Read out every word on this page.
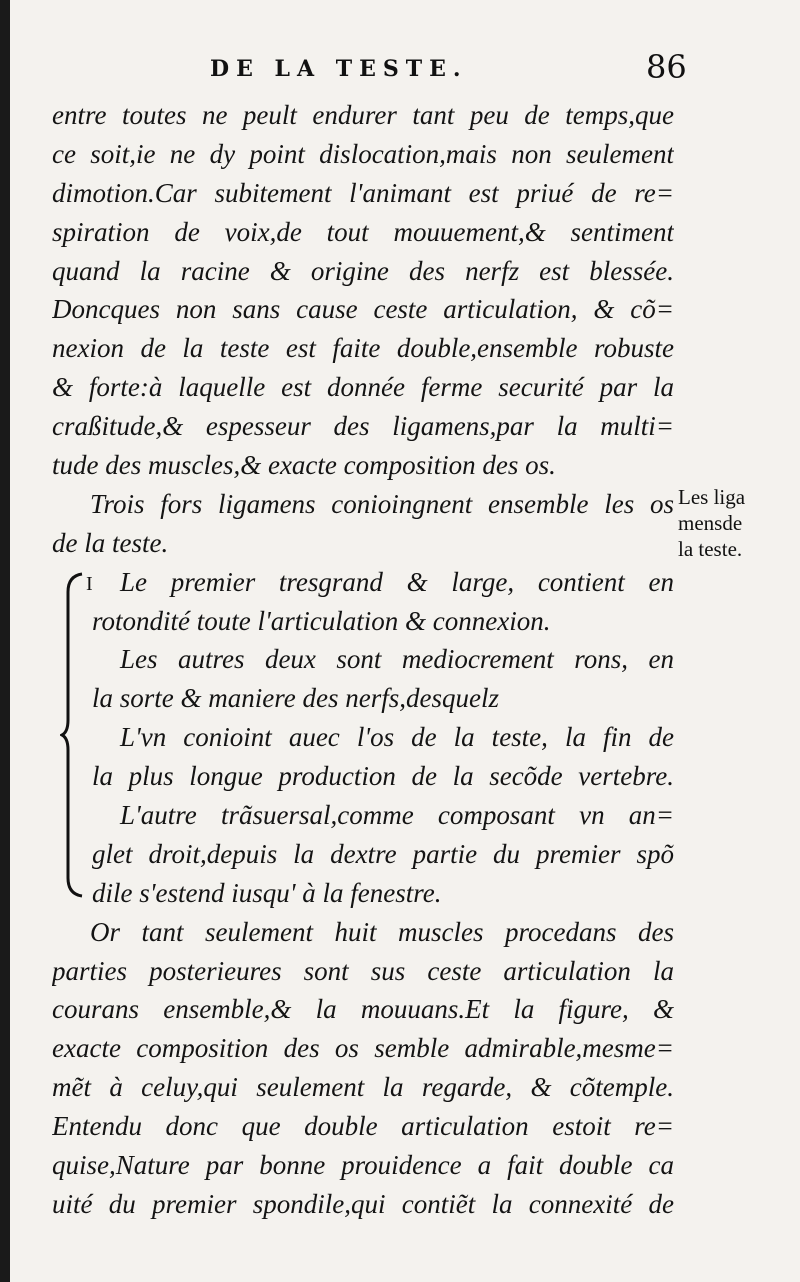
DE LA TESTE.	86
entre toutes ne peult endurer tant peu de temps,que
ce soit,ie ne dy point dislocation,mais non seulement
dimotion.Car subitement l'animant est priué de re=
spiration de voix,de tout mouuement,& sentiment
quand la racine & origine des nerfz est blessée.
Doncques non sans cause ceste articulation, & cõ=
nexion de la teste est faite double,ensemble robuste
& forte:à laquelle est donnée ferme securité par la
craßitude,& espesseur des ligamens,par la multi=
tude des muscles,& exacte composition des os.
Trois fors ligamens conioingnent ensemble les os
de la teste.
Le premier tresgrand & large, contient en
rotondité toute l'articulation & connexion.
Les autres deux sont mediocrement rons, en
la sorte & maniere des nerfs,desquelz
L'vn conioint auec l'os de la teste, la fin de
la plus longue production de la secõde vertebre.
L'autre trãsuersal,comme composant vn an=
glet droit,depuis la dextre partie du premier spõ
dile s'estend iusqu' à la fenestre.
Or tant seulement huit muscles procedans des
parties posterieures sont sus ceste articulation la
courans ensemble,& la mouuans.Et la figure, &
exacte composition des os semble admirable,mesme=
mẽt à celuy,qui seulement la regarde, & cõtemple.
Entendu donc que double articulation estoit re=
quise,Nature par bonne prouidence a fait double ca
uité du premier spondile,qui contiẽt la connexité de
I
Les liga
mensde
la teste.
